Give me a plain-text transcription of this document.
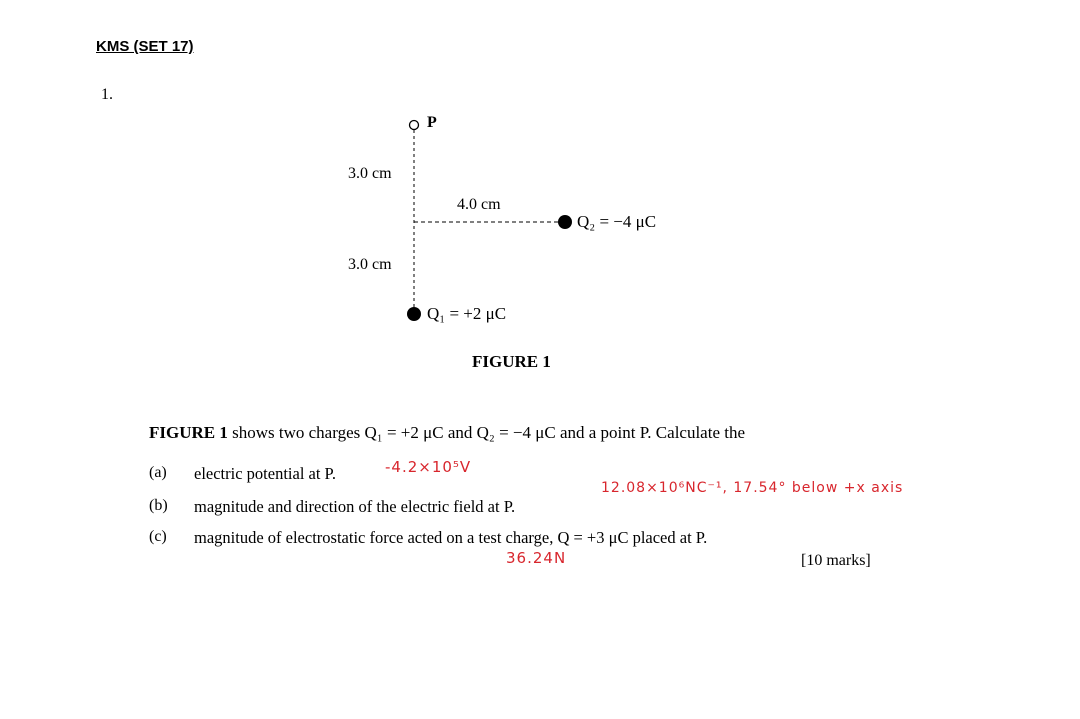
KMS (SET 17)
1.
P
3.0 cm
4.0 cm
Q₂ = −4 μC
3.0 cm
Q₁ = +2 μC
FIGURE 1
FIGURE 1 shows two charges Q₁ = +2 μC and Q₂ = −4 μC and a point P. Calculate the
(a) electric potential at P.	-4.2×10⁵V
(b) magnitude and direction of the electric field at P.
12.08×10⁶NC⁻¹, 17.54° below +x axis
(c) magnitude of electrostatic force acted on a test charge, Q = +3 μC placed at P.
36.24N	[10 marks]
